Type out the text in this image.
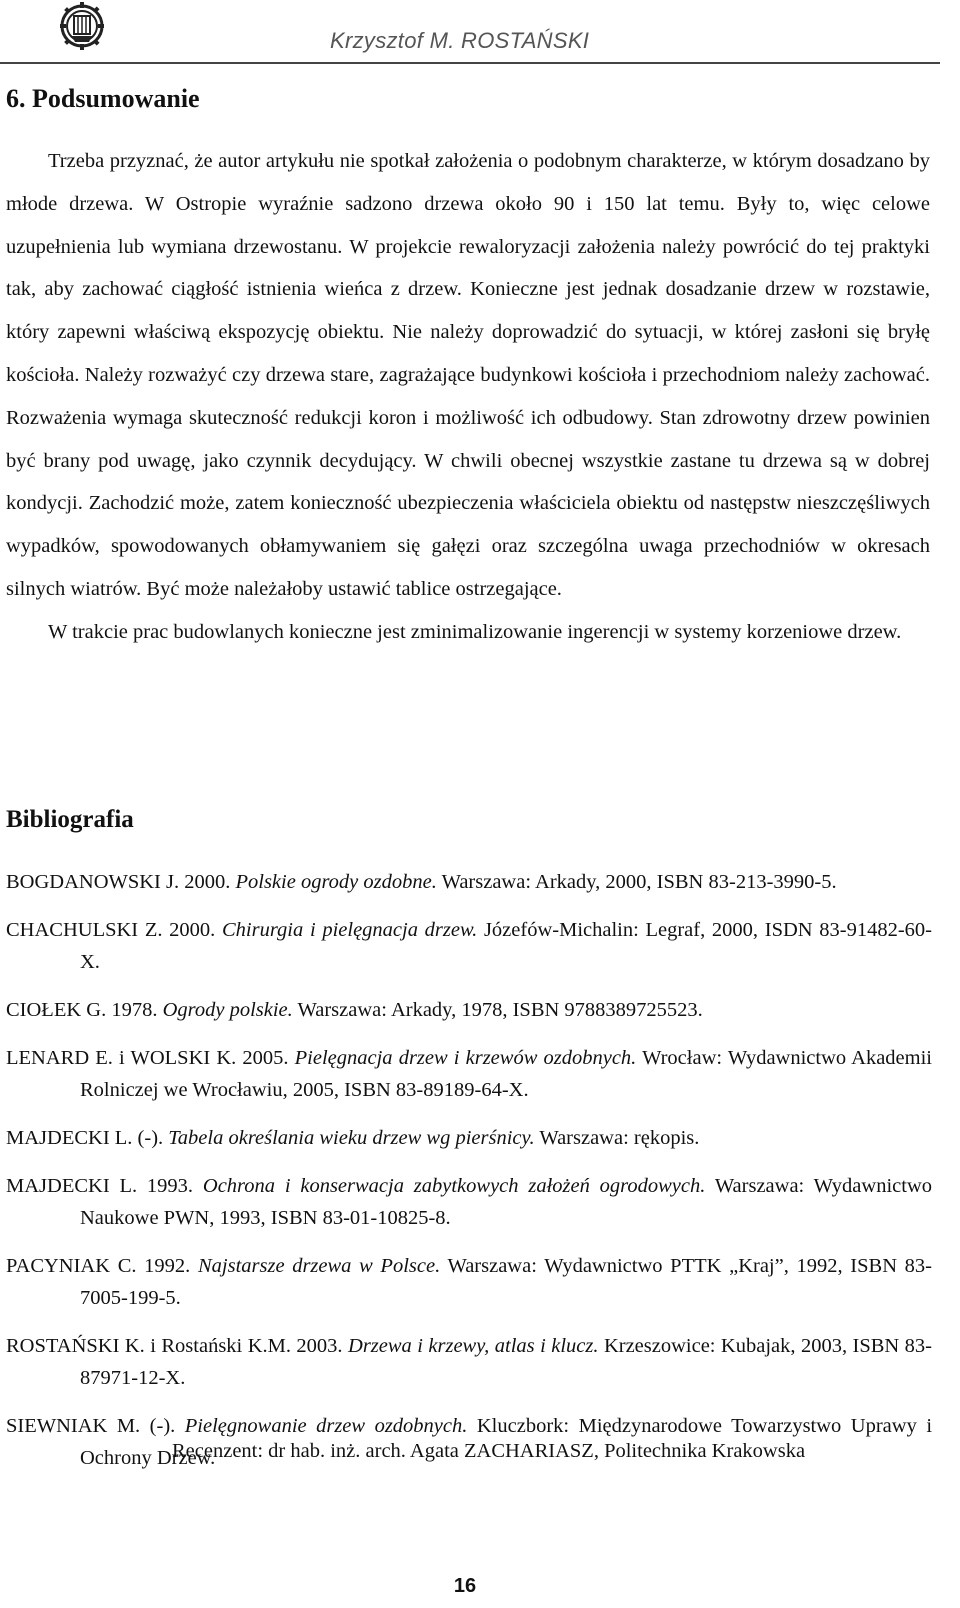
Krzysztof M. ROSTAŃSKI
6. Podsumowanie

Trzeba przyznać, że autor artykułu nie spotkał założenia o podobnym charakterze, w którym dosadzano by młode drzewa. W Ostropie wyraźnie sadzono drzewa około 90 i 150 lat temu. Były to, więc celowe uzupełnienia lub wymiana drzewostanu. W projekcie rewaloryzacji założenia należy powrócić do tej praktyki tak, aby zachować ciągłość istnienia wieńca z drzew. Konieczne jest jednak dosadzanie drzew w rozstawie, który zapewni właściwą ekspozycję obiektu. Nie należy doprowadzić do sytuacji, w której zasłoni się bryłę kościoła. Należy rozważyć czy drzewa stare, zagrażające budynkowi kościoła i przechodniom należy zachować. Rozważenia wymaga skuteczność redukcji koron i możliwość ich odbudowy. Stan zdrowotny drzew powinien być brany pod uwagę, jako czynnik decydujący. W chwili obecnej wszystkie zastane tu drzewa są w dobrej kondycji. Zachodzić może, zatem konieczność ubezpieczenia właściciela obiektu od następstw nieszczęśliwych wypadków, spowodowanych obłamywaniem się gałęzi oraz szczególna uwaga przechodniów w okresach silnych wiatrów. Być może należałoby ustawić tablice ostrzegające.

W trakcie prac budowlanych konieczne jest zminimalizowanie ingerencji w systemy korzeniowe drzew.

Bibliografia

BOGDANOWSKI J. 2000. Polskie ogrody ozdobne. Warszawa: Arkady, 2000, ISBN 83-213-3990-5.

CHACHULSKI Z. 2000. Chirurgia i pielęgnacja drzew. Józefów-Michalin: Legraf, 2000, ISDN 83-91482-60-X.

CIOŁEK G. 1978. Ogrody polskie. Warszawa: Arkady, 1978, ISBN 9788389725523.

LENARD E. i WOLSKI K. 2005. Pielęgnacja drzew i krzewów ozdobnych. Wrocław: Wydawnictwo Akademii Rolniczej we Wrocławiu, 2005, ISBN 83-89189-64-X.

MAJDECKI L. (-). Tabela określania wieku drzew wg pierśnicy. Warszawa: rękopis.

MAJDECKI L. 1993. Ochrona i konserwacja zabytkowych założeń ogrodowych. Warszawa: Wydawnictwo Naukowe PWN, 1993, ISBN 83-01-10825-8.

PACYNIAK C. 1992. Najstarsze drzewa w Polsce. Warszawa: Wydawnictwo PTTK „Kraj”, 1992, ISBN 83-7005-199-5.

ROSTAŃSKI K. i Rostański K.M. 2003. Drzewa i krzewy, atlas i klucz. Krzeszowice: Kubajak, 2003, ISBN 83-87971-12-X.

SIEWNIAK M. (-). Pielęgnowanie drzew ozdobnych. Kluczbork: Międzynarodowe Towarzystwo Uprawy i Ochrony Drzew.

Recenzent: dr hab. inż. arch. Agata ZACHARIASZ, Politechnika Krakowska
16
